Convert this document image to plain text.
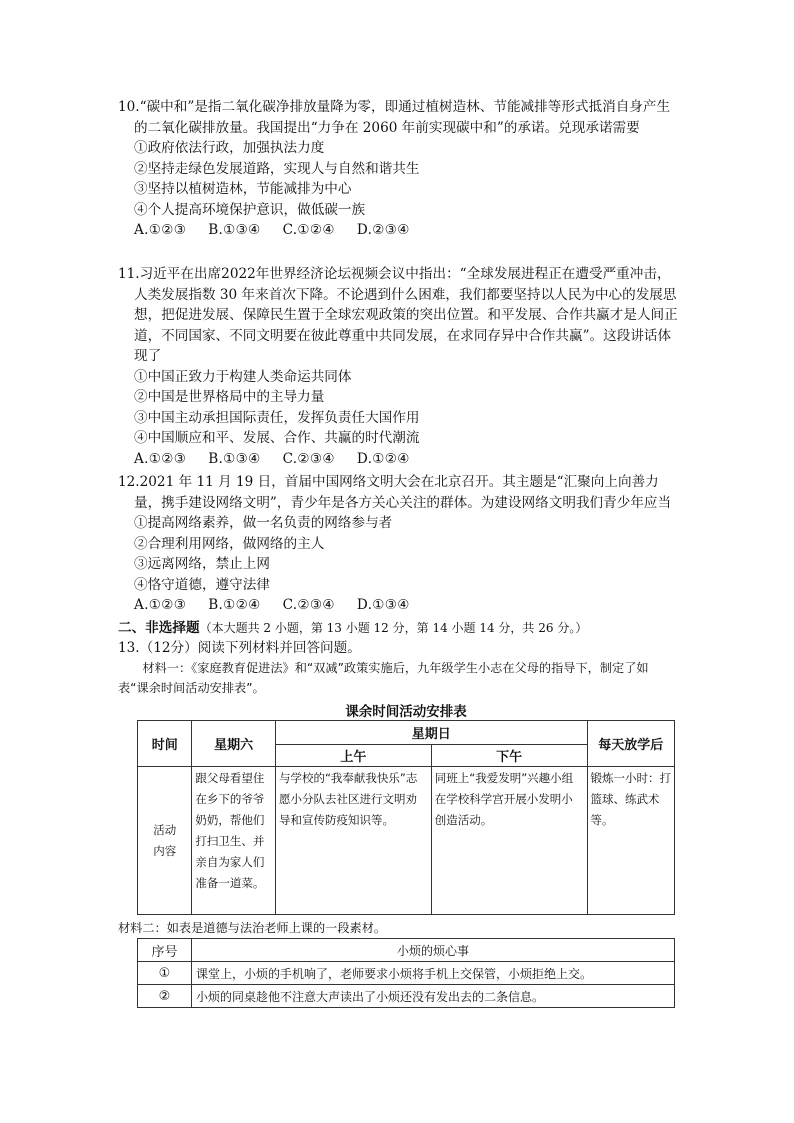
10.“碳中和”是指二氧化碳净排放量降为零，即通过植树造林、节能减排等形式抵消自身产生的二氧化碳排放量。我国提出“力争在 2060 年前实现碳中和”的承诺。兑现承诺需要
①政府依法行政，加强执法力度
②坚持走绿色发展道路，实现人与自然和谐共生
③坚持以植树造林，节能减排为中心
④个人提高环境保护意识，做低碳一族
A.①②③ B.①③④ C.①②④ D.②③④
11.习近平在出席2022年世界经济论坛视频会议中指出：“全球发展进程正在遭受严重冲击，人类发展指数 30 年来首次下降。不论遇到什么困难，我们都要坚持以人民为中心的发展思想，把促进发展、保障民生置于全球宏观政策的突出位置。和平发展、合作共赢才是人间正道，不同国家、不同文明要在彼此尊重中共同发展，在求同存异中合作共赢”。这段讲话体现了
①中国正致力于构建人类命运共同体
②中国是世界格局中的主导力量
③中国主动承担国际责任，发挥负责任大国作用
④中国顺应和平、发展、合作、共赢的时代潮流
A.①②③ B.①③④ C.②③④ D.①②④
12.2021 年 11 月 19 日，首届中国网络文明大会在北京召开。其主题是“汇聚向上向善力量，携手建设网络文明”，青少年是各方关心关注的群体。为建设网络文明我们青少年应当
①提高网络素养，做一名负责的网络参与者
②合理利用网络，做网络的主人
③远离网络，禁止上网
④恪守道德，遵守法律
A.①②③ B.①②④ C.②③④ D.①③④
二、非选择题（本大题共 2 小题，第 13 小题 12 分，第 14 小题 14 分，共 26 分。）
13.（12分）阅读下列材料并回答问题。
材料一：《家庭教育促进法》和“双减”政策实施后，九年级学生小志在父母的指导下，制定了如表“课余时间活动安排表”。
课余时间活动安排表
时间	星期六	星期日		每天放学后
		上午	下午	
活动内容	跟父母看望住在乡下的爷爷奶奶，帮他们打扫卫生、并亲自为家人们准备一道菜。	与学校的“我奉献我快乐”志愿小分队去社区进行文明劝导和宣传防疫知识等。	同班上“我爱发明”兴趣小组在学校科学宫开展小发明小创造活动。	锻炼一小时：打篮球、练武术等。
材料二：如表是道德与法治老师上课的一段素材。
序号	小烦的烦心事
①	课堂上，小烦的手机响了，老师要求小烦将手机上交保管，小烦拒绝上交。
②	小烦的同桌趁他不注意大声读出了小烦还没有发出去的二条信息。
